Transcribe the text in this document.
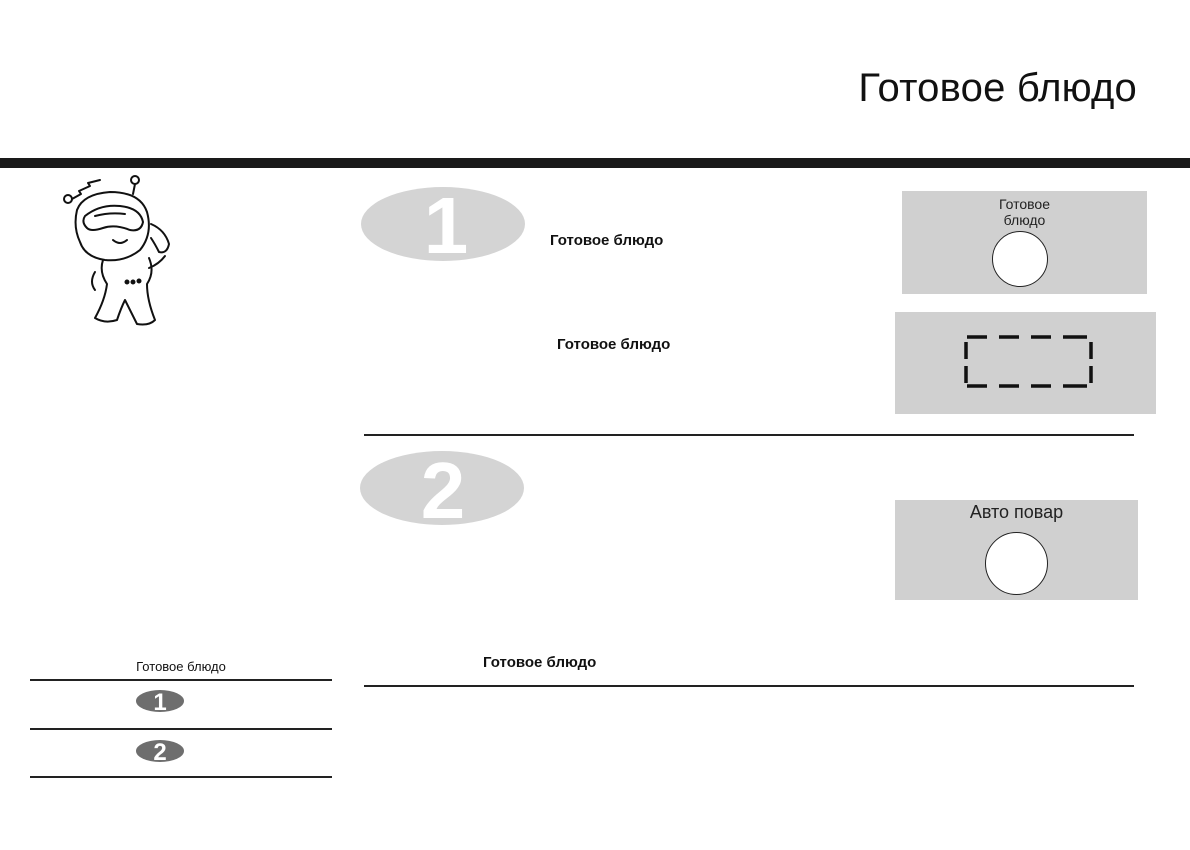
Готовое блюдо
1	Готовое блюдо
Готовое блюдо
Готовое
блюдо
2	Авто повар
Готовое блюдо
Готовое блюдо
1
2
